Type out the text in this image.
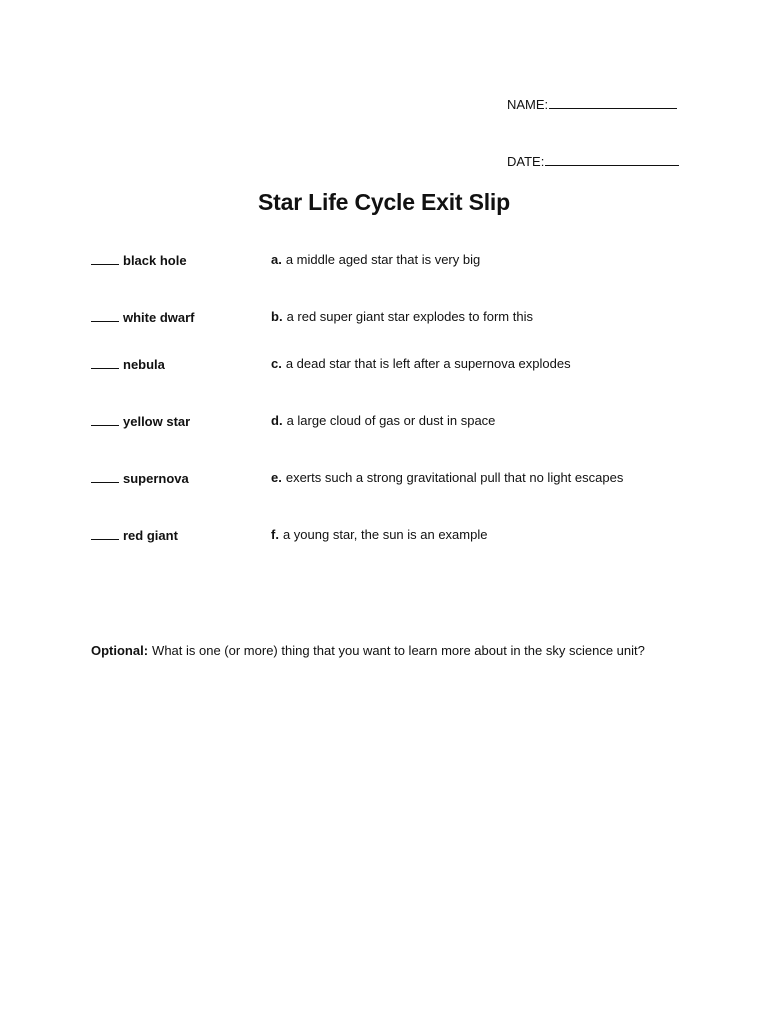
NAME:
DATE:
Star Life Cycle Exit Slip
black hole	a. a middle aged star that is very big
white dwarf	b. a red super giant star explodes to form this
nebula	c. a dead star that is left after a supernova explodes
yellow star	d. a large cloud of gas or dust in space
supernova	e. exerts such a strong gravitational pull that no light escapes
red giant	f. a young star, the sun is an example
Optional: What is one (or more) thing that you want to learn more about in the sky science unit?
